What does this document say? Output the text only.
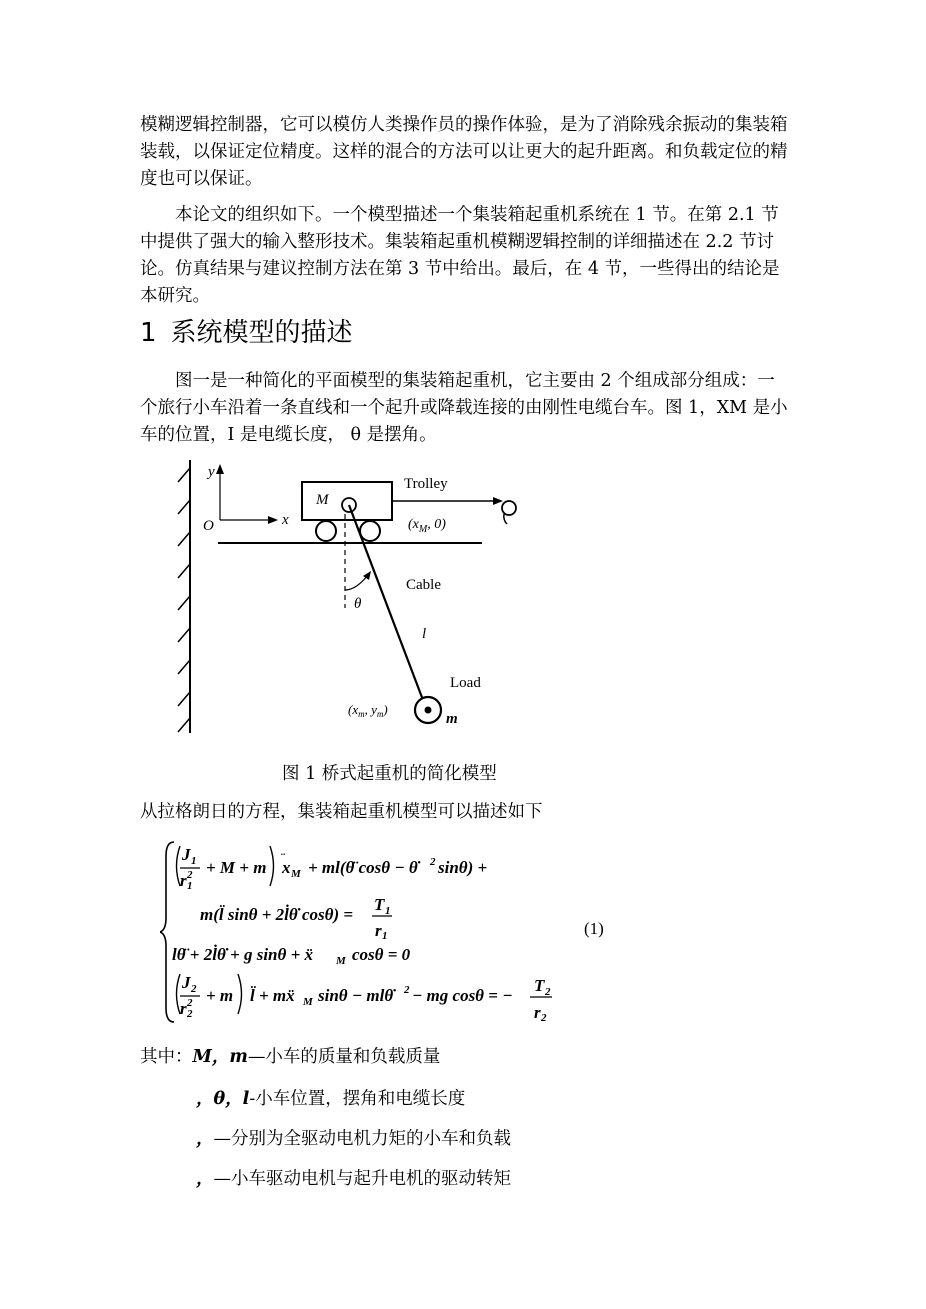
模糊逻辑控制器，它可以模仿人类操作员的操作体验，是为了消除残余振动的集装箱装载，以保证定位精度。这样的混合的方法可以让更大的起升距离。和负载定位的精度也可以保证。

本论文的组织如下。一个模型描述一个集装箱起重机系统在 1 节。在第 2.1 节中提供了强大的输入整形技术。集装箱起重机模糊逻辑控制的详细描述在 2.2 节讨论。仿真结果与建议控制方法在第 3 节中给出。最后，在 4 节，一些得出的结论是本研究。

1 系统模型的描述

图一是一种简化的平面模型的集装箱起重机，它主要由 2 个组成部分组成：一个旅行小车沿着一条直线和一个起升或降载连接的由刚性电缆台车。图 1，XM 是小车的位置，I 是电缆长度， θ 是摆角。

y
x
O
M
Trolley
($x_M$, 0)
θ
Cable
l
Load
m
($x_m$, $y_m$)

图 1 桥式起重机的简化模型

从拉格朗日的方程，集装箱起重机模型可以描述如下

J 1
r 1
2 + M + m x M + ml(θ̈ cosθ − θ̇ 2 sinθ) +
m(l̈ sinθ + 2l̇θ̇ cosθ) =
T 1
r 1	(1)
lθ̈ + 2l̇θ̇ + g sinθ + ẍ M cosθ = 0
J 2
r 2
2 + m l̈ + mẍ M sinθ − mlθ̇ 2 − mg cosθ = −
T 2
r 2
其中：M，m—小车的质量和负载质量
，θ，l-小车位置，摆角和电缆长度
，—分别为全驱动电机力矩的小车和负载
，—小车驱动电机与起升电机的驱动转矩
